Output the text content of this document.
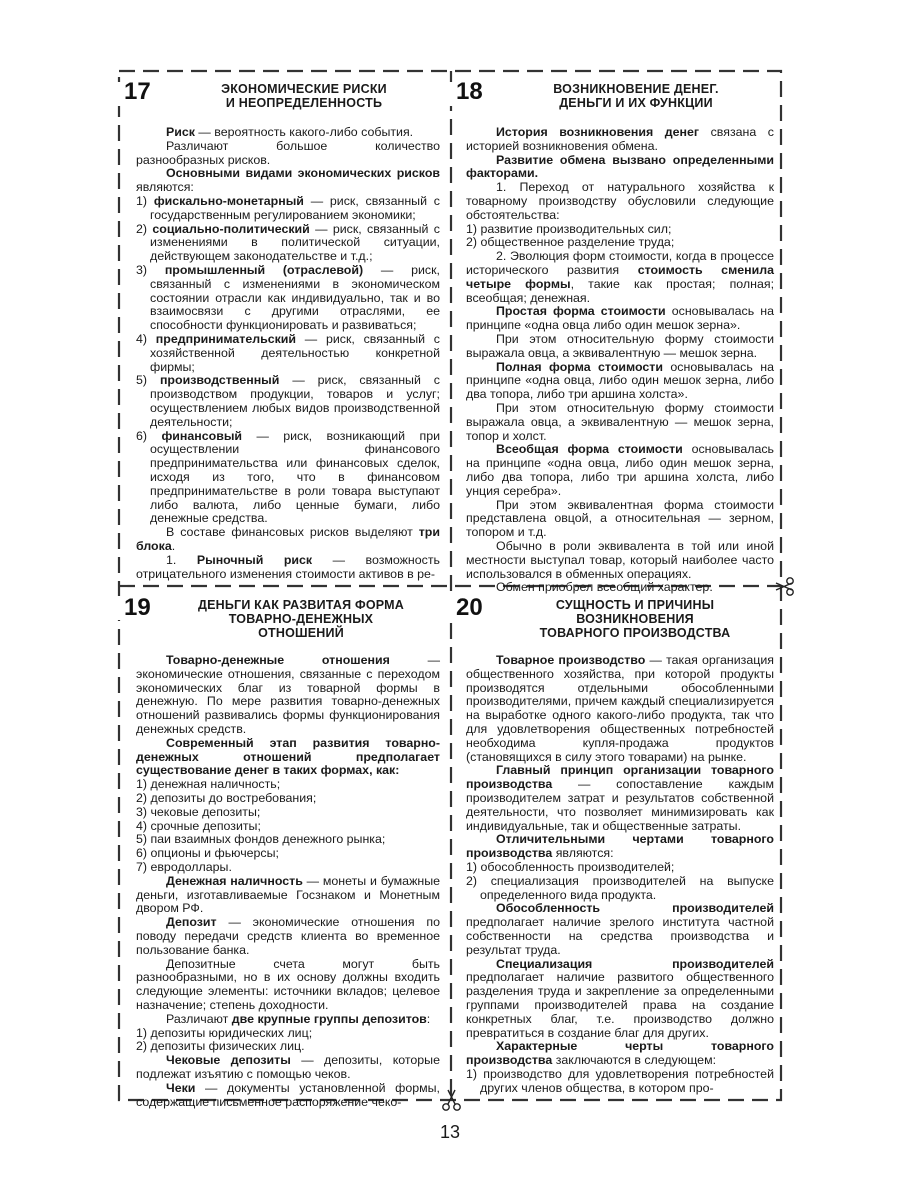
17	ЭКОНОМИЧЕСКИЕ РИСКИ
И НЕОПРЕДЕЛЕННОСТЬ

Риск — вероятность какого-либо события.

Различают большое количество разнообразных рисков.

Основными видами экономических рисков являются:

1) фискально-монетарный — риск, связанный с государственным регулированием экономики;

2) социально-политический — риск, связанный с изменениями в политической ситуации, действующем законодательстве и т.д.;

3) промышленный (отраслевой) — риск, связанный с изменениями в экономическом состоянии отрасли как индивидуально, так и во взаимосвязи с другими отраслями, ее способности функционировать и развиваться;

4) предпринимательский — риск, связанный с хозяйственной деятельностью конкретной фирмы;

5) производственный — риск, связанный с производством продукции, товаров и услуг; осуществлением любых видов производственной деятельности;

6) финансовый — риск, возникающий при осуществлении финансового предпринимательства или финансовых сделок, исходя из того, что в финансовом предпринимательстве в роли товара выступают либо валюта, либо ценные бумаги, либо денежные средства.

В составе финансовых рисков выделяют три блока.

1. Рыночный риск — возможность отрицательного изменения стоимости активов в ре-

18	ВОЗНИКНОВЕНИЕ ДЕНЕГ.
ДЕНЬГИ И ИХ ФУНКЦИИ

История возникновения денег связана с историей возникновения обмена.

Развитие обмена вызвано определенными факторами.

1. Переход от натурального хозяйства к товарному производству обусловили следующие обстоятельства:

1) развитие производительных сил;

2) общественное разделение труда;

2. Эволюция форм стоимости, когда в процессе исторического развития стоимость сменила четыре формы, такие как простая; полная; всеобщая; денежная.

Простая форма стоимости основывалась на принципе «одна овца либо один мешок зерна».

При этом относительную форму стоимости выражала овца, а эквивалентную — мешок зерна.

Полная форма стоимости основывалась на принципе «одна овца, либо один мешок зерна, либо два топора, либо три аршина холста».

При этом относительную форму стоимости выражала овца, а эквивалентную — мешок зерна, топор и холст.

Всеобщая форма стоимости основывалась на принципе «одна овца, либо один мешок зерна, либо два топора, либо три аршина холста, либо унция серебра».

При этом эквивалентная форма стоимости представлена овцой, а относительная — зерном, топором и т.д.

Обычно в роли эквивалента в той или иной местности выступал товар, который наиболее часто использовался в обменных операциях.

Обмен приобрел всеобщий характер.

19	ДЕНЬГИ КАК РАЗВИТАЯ ФОРМА
ТОВАРНО-ДЕНЕЖНЫХ
ОТНОШЕНИЙ

Товарно-денежные отношения — экономические отношения, связанные с переходом экономических благ из товарной формы в денежную. По мере развития товарно-денежных отношений развивались формы функционирования денежных средств.

Современный этап развития товарно-денежных отношений предполагает существование денег в таких формах, как:

1) денежная наличность;

2) депозиты до востребования;

3) чековые депозиты;

4) срочные депозиты;

5) паи взаимных фондов денежного рынка;

6) опционы и фьючерсы;

7) евродоллары.

Денежная наличность — монеты и бумажные деньги, изготавливаемые Госзнаком и Монетным двором РФ.

Депозит — экономические отношения по поводу передачи средств клиента во временное пользование банка.

Депозитные счета могут быть разнообразными, но в их основу должны входить следующие элементы: источники вкладов; целевое назначение; степень доходности.

Различают две крупные группы депозитов:

1) депозиты юридических лиц;

2) депозиты физических лиц.

Чековые депозиты — депозиты, которые подлежат изъятию с помощью чеков.

Чеки — документы установленной формы, содержащие письменное распоряжение чеко-

20	СУЩНОСТЬ И ПРИЧИНЫ
ВОЗНИКНОВЕНИЯ
ТОВАРНОГО ПРОИЗВОДСТВА

Товарное производство — такая организация общественного хозяйства, при которой продукты производятся отдельными обособленными производителями, причем каждый специализируется на выработке одного какого-либо продукта, так что для удовлетворения общественных потребностей необходима купля-продажа продуктов (становящихся в силу этого товарами) на рынке.

Главный принцип организации товарного производства — сопоставление каждым производителем затрат и результатов собственной деятельности, что позволяет минимизировать как индивидуальные, так и общественные затраты.

Отличительными чертами товарного производства являются:

1) обособленность производителей;

2) специализация производителей на выпуске определенного вида продукта.

Обособленность производителей предполагает наличие зрелого института частной собственности на средства производства и результат труда.

Специализация производителей предполагает наличие развитого общественного разделения труда и закрепление за определенными группами производителей права на создание конкретных благ, т.е. производство должно превратиться в создание благ для других.

Характерные черты товарного производства заключаются в следующем:

1) производство для удовлетворения потребностей других членов общества, в котором про-

13
